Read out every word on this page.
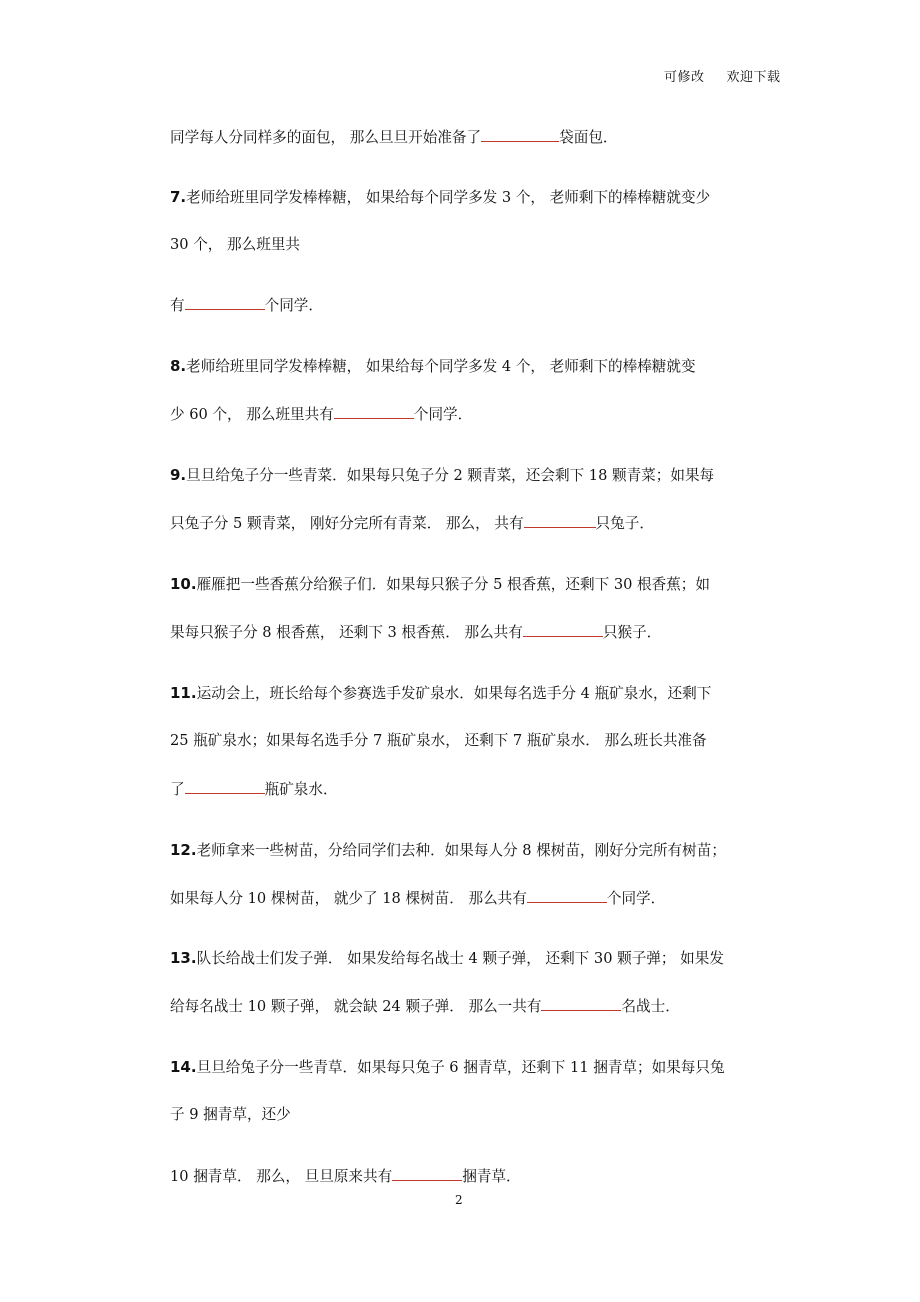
可修改 欢迎下载
同学每人分同样多的面包， 那么旦旦开始准备了	袋面包．
7.老师给班里同学发棒棒糖， 如果给每个同学多发 3 个， 老师剩下的棒棒糖就变少
30 个， 那么班里共
有	个同学．
8.老师给班里同学发棒棒糖， 如果给每个同学多发 4 个， 老师剩下的棒棒糖就变
少 60 个， 那么班里共有	个同学．
9.旦旦给兔子分一些青菜．如果每只兔子分 2 颗青菜，还会剩下 18 颗青菜；如果每
只兔子分 5 颗青菜， 刚好分完所有青菜． 那么， 共有	只兔子．
10.雁雁把一些香蕉分给猴子们．如果每只猴子分 5 根香蕉，还剩下 30 根香蕉；如
果每只猴子分 8 根香蕉， 还剩下 3 根香蕉． 那么共有	只猴子．
11.运动会上，班长给每个参赛选手发矿泉水．如果每名选手分 4 瓶矿泉水，还剩下
25 瓶矿泉水；如果每名选手分 7 瓶矿泉水， 还剩下 7 瓶矿泉水． 那么班长共准备
了	瓶矿泉水．
12.老师拿来一些树苗，分给同学们去种．如果每人分 8 棵树苗，刚好分完所有树苗；
如果每人分 10 棵树苗， 就少了 18 棵树苗． 那么共有	个同学．
13.队长给战士们发子弹． 如果发给每名战士 4 颗子弹， 还剩下 30 颗子弹； 如果发
给每名战士 10 颗子弹， 就会缺 24 颗子弹． 那么一共有	名战士．
14.旦旦给兔子分一些青草．如果每只兔子 6 捆青草，还剩下 11 捆青草；如果每只兔
子 9 捆青草，还少
10 捆青草． 那么， 旦旦原来共有	捆青草．
2
